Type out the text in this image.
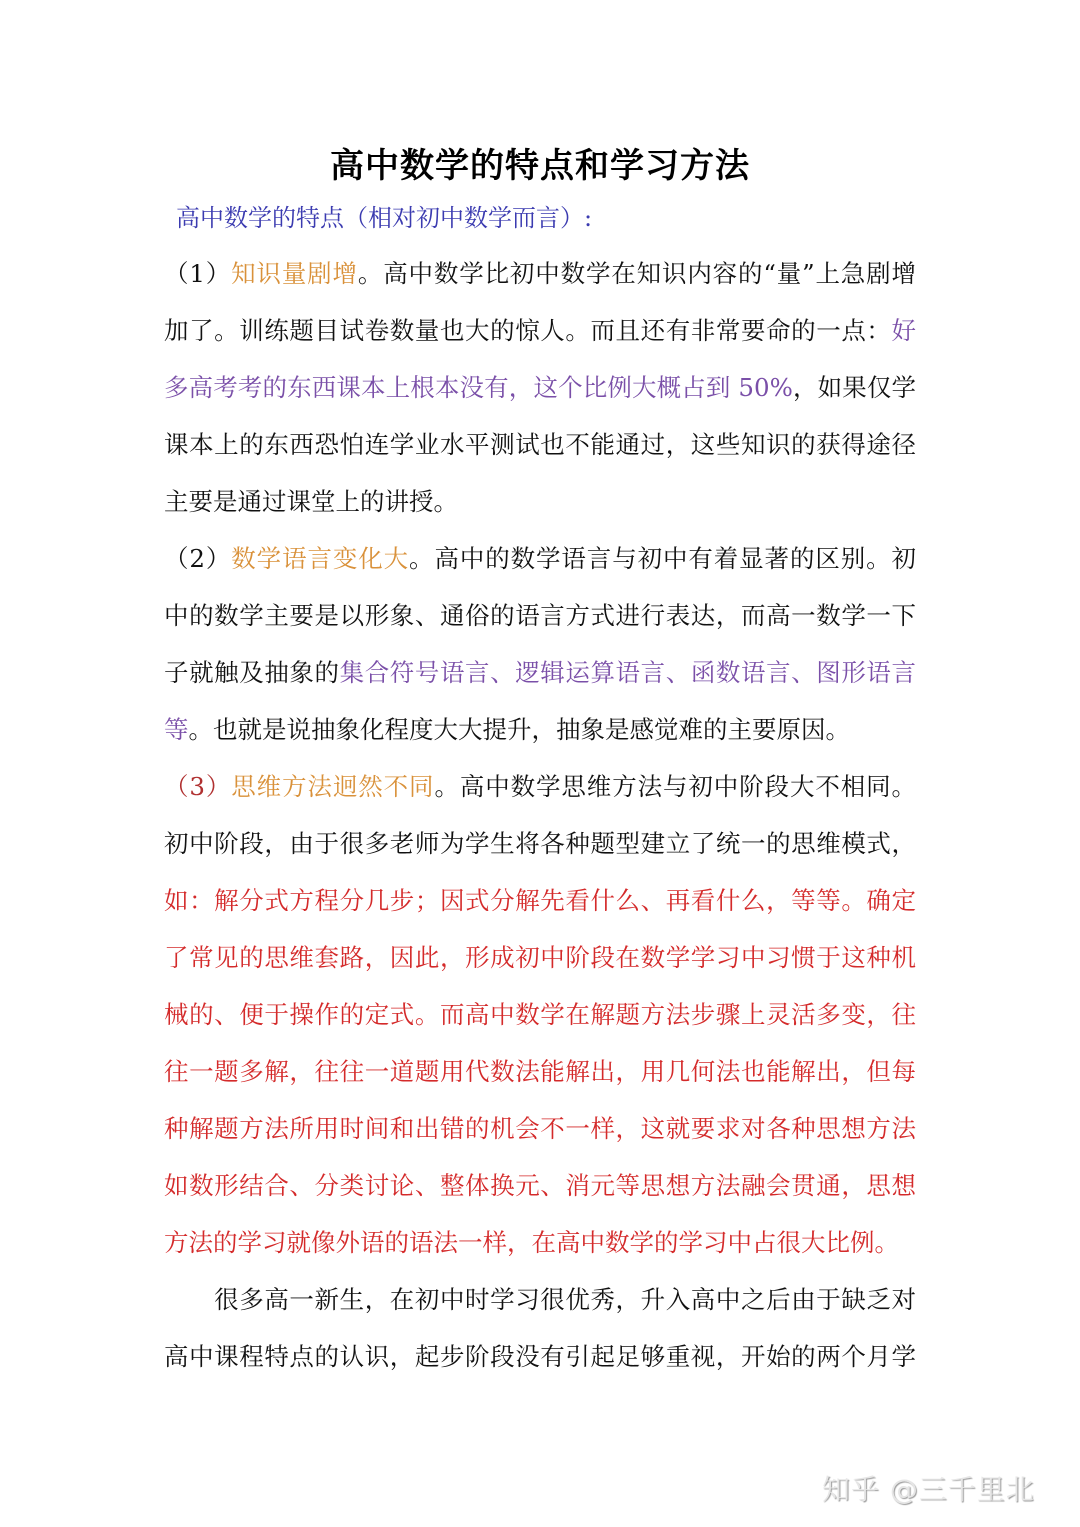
高中数学的特点和学习方法
高中数学的特点（相对初中数学而言）:
（1）知识量剧增。高中数学比初中数学在知识内容的“量”上急剧增
加了。训练题目试卷数量也大的惊人。而且还有非常要命的一点：好
多高考考的东西课本上根本没有，这个比例大概占到 50%，如果仅学
课本上的东西恐怕连学业水平测试也不能通过，这些知识的获得途径
主要是通过课堂上的讲授。
（2）数学语言变化大。高中的数学语言与初中有着显著的区别。初
中的数学主要是以形象、通俗的语言方式进行表达，而高一数学一下
子就触及抽象的集合符号语言、逻辑运算语言、函数语言、图形语言
等。也就是说抽象化程度大大提升，抽象是感觉难的主要原因。
（3）思维方法迥然不同。高中数学思维方法与初中阶段大不相同。
初中阶段，由于很多老师为学生将各种题型建立了统一的思维模式，
如：解分式方程分几步；因式分解先看什么、再看什么，等等。确定
了常见的思维套路，因此，形成初中阶段在数学学习中习惯于这种机
械的、便于操作的定式。而高中数学在解题方法步骤上灵活多变，往
往一题多解，往往一道题用代数法能解出，用几何法也能解出，但每
种解题方法所用时间和出错的机会不一样，这就要求对各种思想方法
如数形结合、分类讨论、整体换元、消元等思想方法融会贯通，思想
方法的学习就像外语的语法一样，在高中数学的学习中占很大比例。
　　很多高一新生，在初中时学习很优秀，升入高中之后由于缺乏对
高中课程特点的认识，起步阶段没有引起足够重视，开始的两个月学
知乎 @三千里北
